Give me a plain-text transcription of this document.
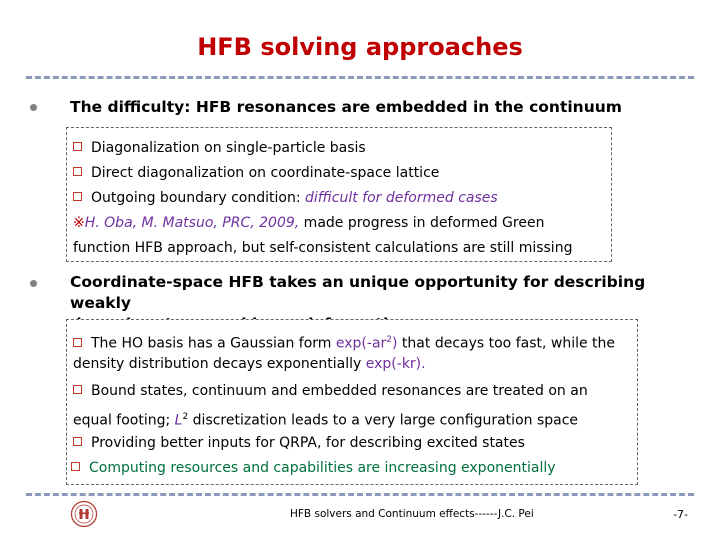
HFB solving approaches
The difficulty: HFB resonances are embedded in the continuum
Diagonalization on single-particle basis
Direct diagonalization on coordinate-space lattice
Outgoing boundary condition: difficult for deformed cases
※H. Oba, M. Matsuo, PRC, 2009, made progress in deformed Green
function HFB approach, but self-consistent calculations are still missing
Coordinate-space HFB takes an unique opportunity for describing weakly

The HO basis has a Gaussian form $\exp(-ar^2)$ that decays too fast, while the
density distribution decays exponentially exp(-kr).
Bound states, continuum and embedded resonances are treated on an
equal footing; $L^2$ discretization leads to a very large configuration space
Providing better inputs for QRPA, for describing excited states
Computing resources and capabilities are increasing exponentially
HFB solvers and Continuum effects------J.C. Pei	-7-
